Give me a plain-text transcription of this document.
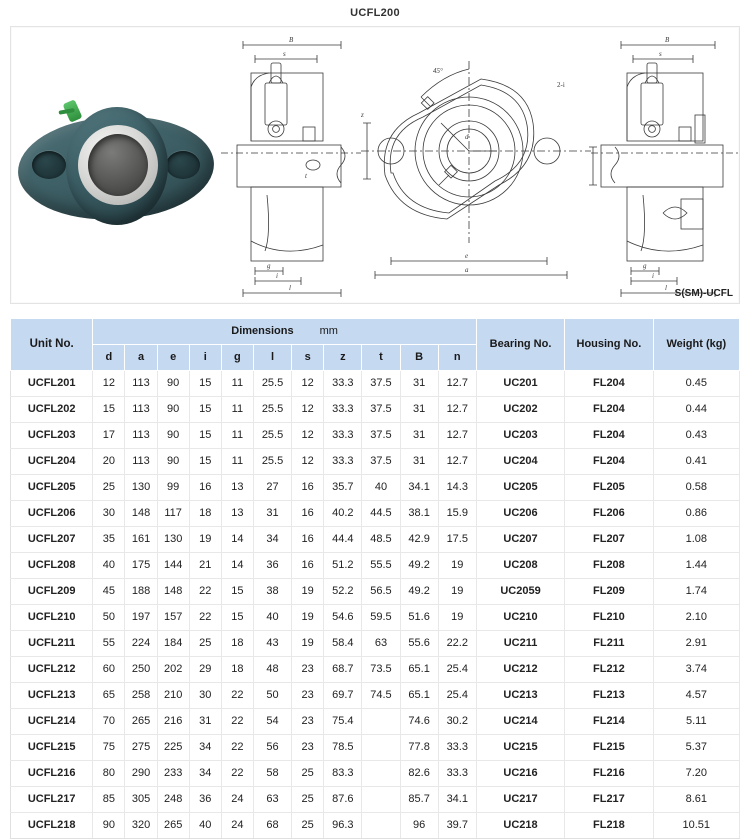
UCFL200
B
s
g
i
l
t
45°
d
e
a
z
2-i
B
s
g
i
l S(SM)-UCFL
Unit No.	Dimensions mm											Bearing No.	Housing No.	Weight (kg)
	d	a	e	i	g	l	s	z	t	B	n			
UCFL201	12	113	90	15	11	25.5	12	33.3	37.5	31	12.7	UC201	FL204	0.45
UCFL202	15	113	90	15	11	25.5	12	33.3	37.5	31	12.7	UC202	FL204	0.44
UCFL203	17	113	90	15	11	25.5	12	33.3	37.5	31	12.7	UC203	FL204	0.43
UCFL204	20	113	90	15	11	25.5	12	33.3	37.5	31	12.7	UC204	FL204	0.41
UCFL205	25	130	99	16	13	27	16	35.7	40	34.1	14.3	UC205	FL205	0.58
UCFL206	30	148	117	18	13	31	16	40.2	44.5	38.1	15.9	UC206	FL206	0.86
UCFL207	35	161	130	19	14	34	16	44.4	48.5	42.9	17.5	UC207	FL207	1.08
UCFL208	40	175	144	21	14	36	16	51.2	55.5	49.2	19	UC208	FL208	1.44
UCFL209	45	188	148	22	15	38	19	52.2	56.5	49.2	19	UC2059	FL209	1.74
UCFL210	50	197	157	22	15	40	19	54.6	59.5	51.6	19	UC210	FL210	2.10
UCFL211	55	224	184	25	18	43	19	58.4	63	55.6	22.2	UC211	FL211	2.91
UCFL212	60	250	202	29	18	48	23	68.7	73.5	65.1	25.4	UC212	FL212	3.74
UCFL213	65	258	210	30	22	50	23	69.7	74.5	65.1	25.4	UC213	FL213	4.57
UCFL214	70	265	216	31	22	54	23	75.4		74.6	30.2	UC214	FL214	5.11
UCFL215	75	275	225	34	22	56	23	78.5		77.8	33.3	UC215	FL215	5.37
UCFL216	80	290	233	34	22	58	25	83.3		82.6	33.3	UC216	FL216	7.20
UCFL217	85	305	248	36	24	63	25	87.6		85.7	34.1	UC217	FL217	8.61
UCFL218	90	320	265	40	24	68	25	96.3		96	39.7	UC218	FL218	10.51
